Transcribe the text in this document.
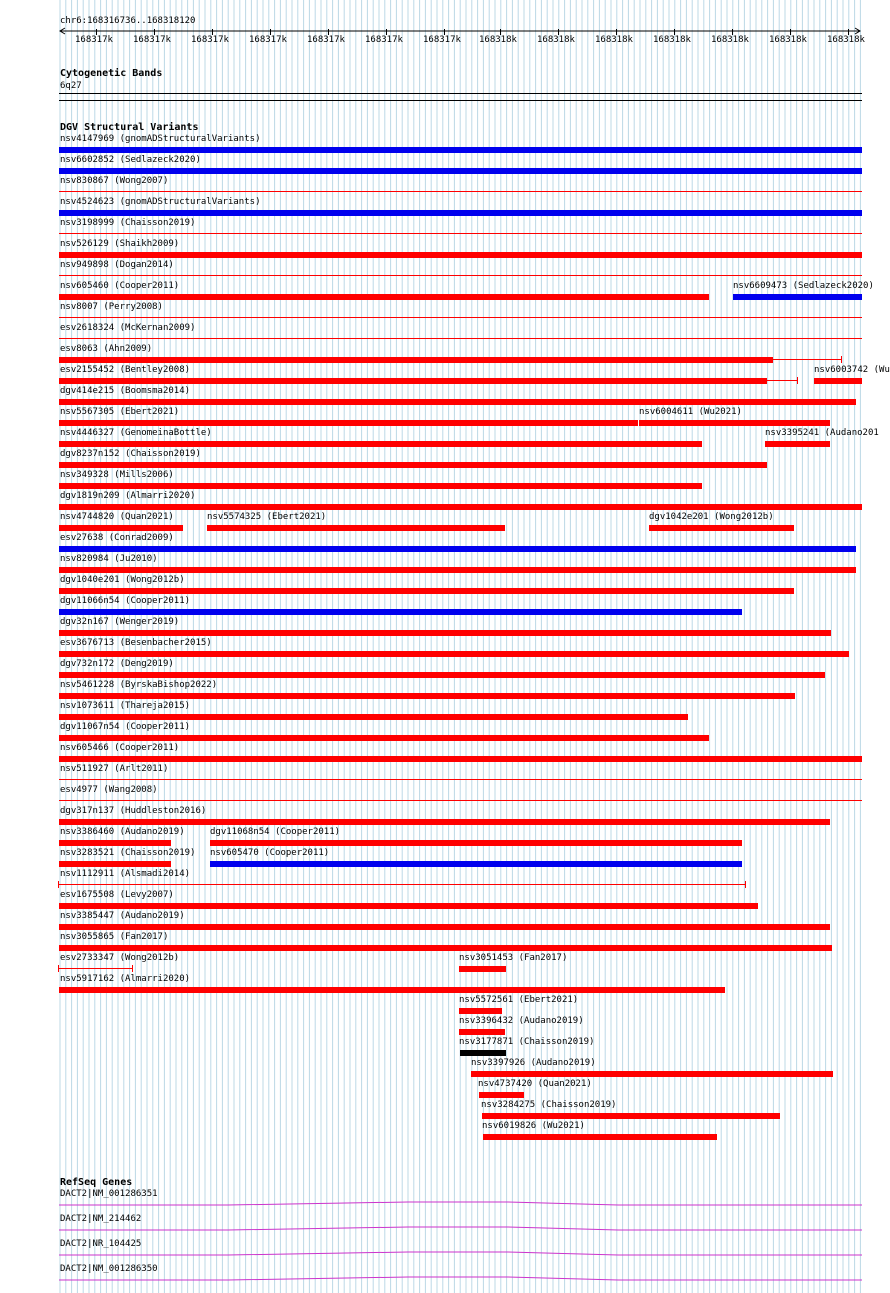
chr6:168316736..168318120
168317k 168317k 168317k 168317k 168317k 168317k 168317k 168318k 168318k 168318k 168318k 168318k 168318k 168318k
Cytogenetic Bands
6q27
DGV Structural Variants
nsv4147969 (gnomADStructuralVariants)
nsv6602852 (Sedlazeck2020)
nsv830867 (Wong2007)
nsv4524623 (gnomADStructuralVariants)
nsv3198999 (Chaisson2019)
nsv526129 (Shaikh2009)
nsv949898 (Dogan2014)
nsv605460 (Cooper2011)	nsv6609473 (Sedlazeck2020)
nsv8007 (Perry2008)
esv2618324 (McKernan2009)
esv8063 (Ahn2009)
esv2155452 (Bentley2008)	nsv6003742 (Wu
dgv414e215 (Boomsma2014)
nsv5567305 (Ebert2021)	nsv6004611 (Wu2021)
nsv4446327 (GenomeinaBottle)	nsv3395241 (Audano201
dgv8237n152 (Chaisson2019)
nsv349328 (Mills2006)
dgv1819n209 (Almarri2020)
nsv4744820 (Quan2021)	nsv5574325 (Ebert2021)	dgv1042e201 (Wong2012b)
esv27638 (Conrad2009)
nsv820984 (Ju2010)
dgv1040e201 (Wong2012b)
dgv11066n54 (Cooper2011)
dgv32n167 (Wenger2019)
esv3676713 (Besenbacher2015)
dgv732n172 (Deng2019)
nsv5461228 (ByrskaBishop2022)
nsv1073611 (Thareja2015)
dgv11067n54 (Cooper2011)
nsv605466 (Cooper2011)
nsv511927 (Arlt2011)
esv4977 (Wang2008)
dgv317n137 (Huddleston2016)
nsv3386460 (Audano2019)	dgv11068n54 (Cooper2011)
nsv3283521 (Chaisson2019) nsv605470 (Cooper2011)
nsv1112911 (Alsmadi2014)
esv1675508 (Levy2007)
nsv3385447 (Audano2019)
nsv3055865 (Fan2017)
esv2733347 (Wong2012b)	nsv3051453 (Fan2017)
nsv5917162 (Almarri2020)
nsv5572561 (Ebert2021)
nsv3396432 (Audano2019)
nsv3177871 (Chaisson2019)
nsv3397926 (Audano2019)
nsv4737420 (Quan2021)
nsv3284275 (Chaisson2019)
nsv6019826 (Wu2021)
RefSeq Genes
DACT2|NM_001286351
DACT2|NM_214462
DACT2|NR_104425
DACT2|NM_001286350
